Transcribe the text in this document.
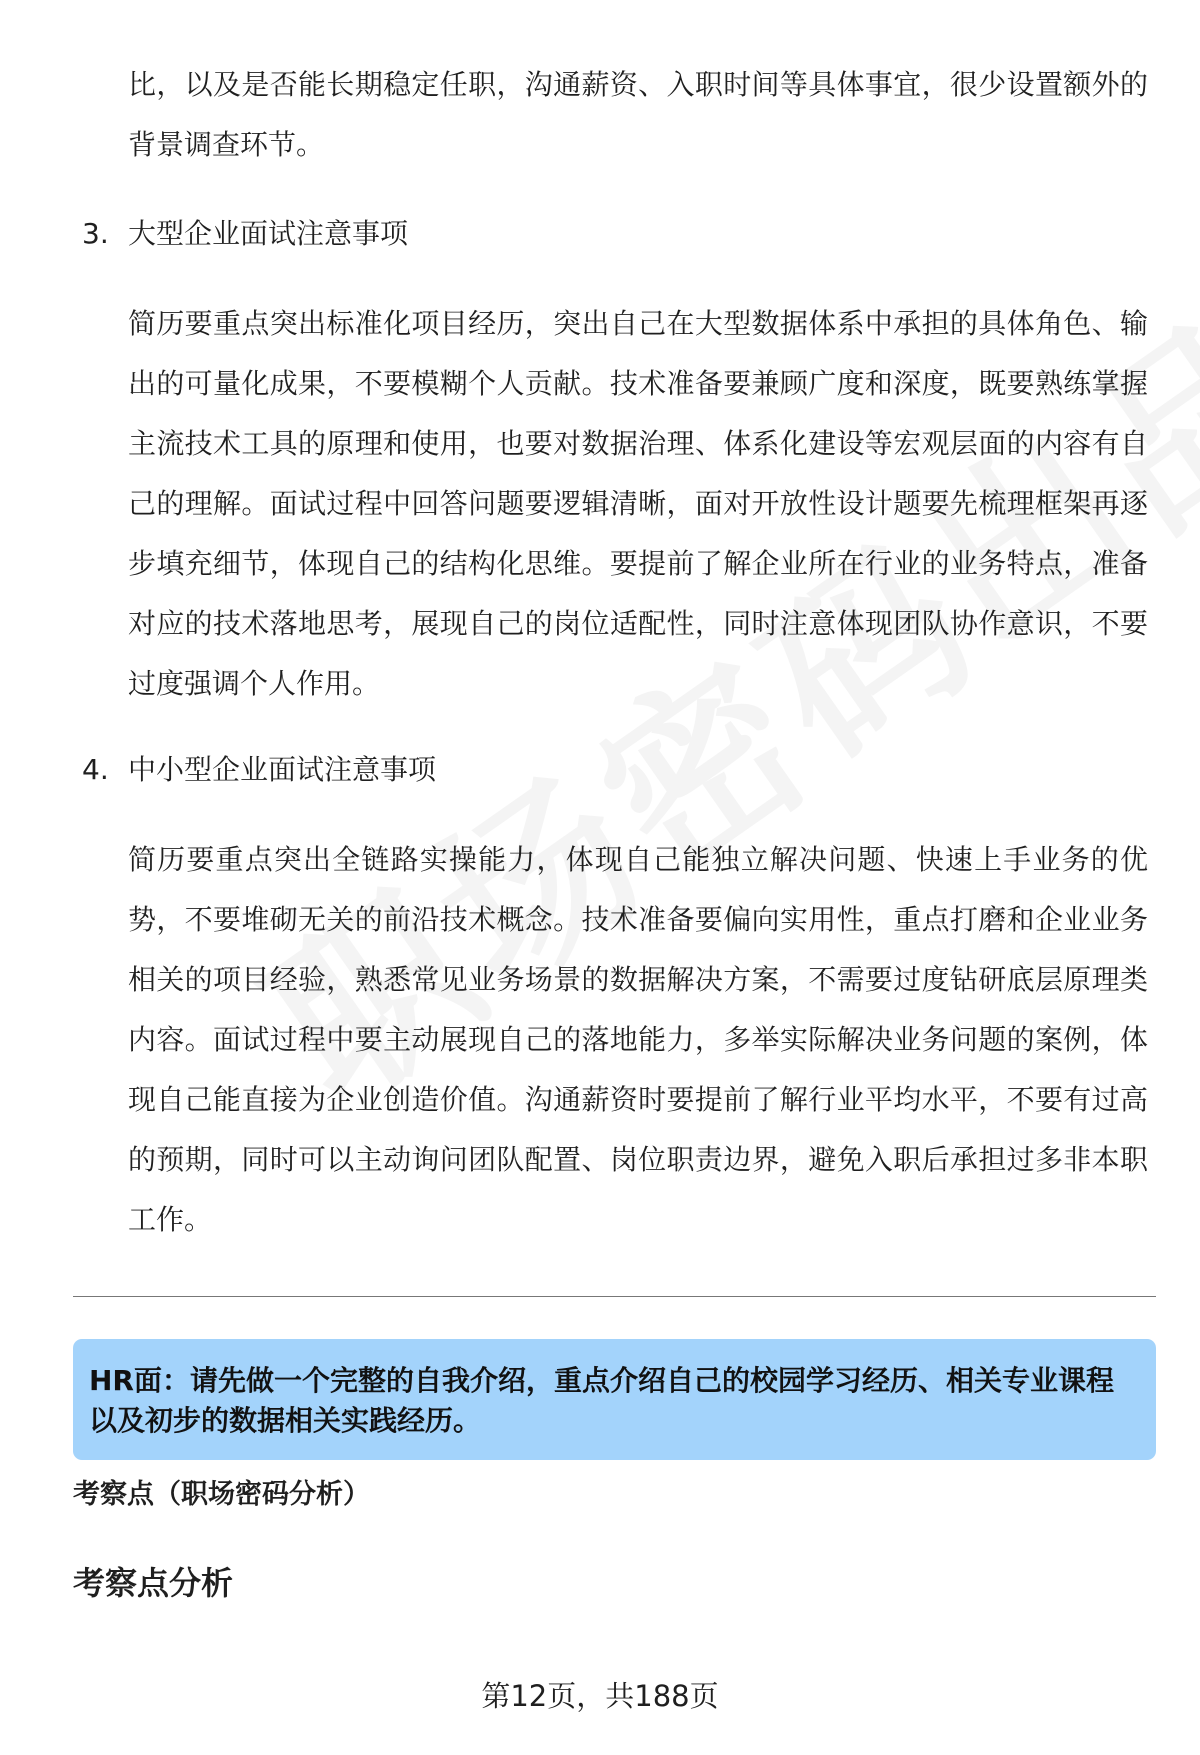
比，以及是否能长期稳定任职，沟通薪资、入职时间等具体事宜，很少设置额外的背景调查环节。

3. 大型企业面试注意事项

简历要重点突出标准化项目经历，突出自己在大型数据体系中承担的具体角色、输出的可量化成果，不要模糊个人贡献。技术准备要兼顾广度和深度，既要熟练掌握主流技术工具的原理和使用，也要对数据治理、体系化建设等宏观层面的内容有自己的理解。面试过程中回答问题要逻辑清晰，面对开放性设计题要先梳理框架再逐步填充细节，体现自己的结构化思维。要提前了解企业所在行业的业务特点，准备对应的技术落地思考，展现自己的岗位适配性，同时注意体现团队协作意识，不要过度强调个人作用。

4. 中小型企业面试注意事项

简历要重点突出全链路实操能力，体现自己能独立解决问题、快速上手业务的优势，不要堆砌无关的前沿技术概念。技术准备要偏向实用性，重点打磨和企业业务相关的项目经验，熟悉常见业务场景的数据解决方案，不需要过度钻研底层原理类内容。面试过程中要主动展现自己的落地能力，多举实际解决业务问题的案例，体现自己能直接为企业创造价值。沟通薪资时要提前了解行业平均水平，不要有过高的预期，同时可以主动询问团队配置、岗位职责边界，避免入职后承担过多非本职工作。

HR面：请先做一个完整的自我介绍，重点介绍自己的校园学习经历、相关专业课程以及初步的数据相关实践经历。

考察点（职场密码分析）

考察点分析

第12页，共188页
